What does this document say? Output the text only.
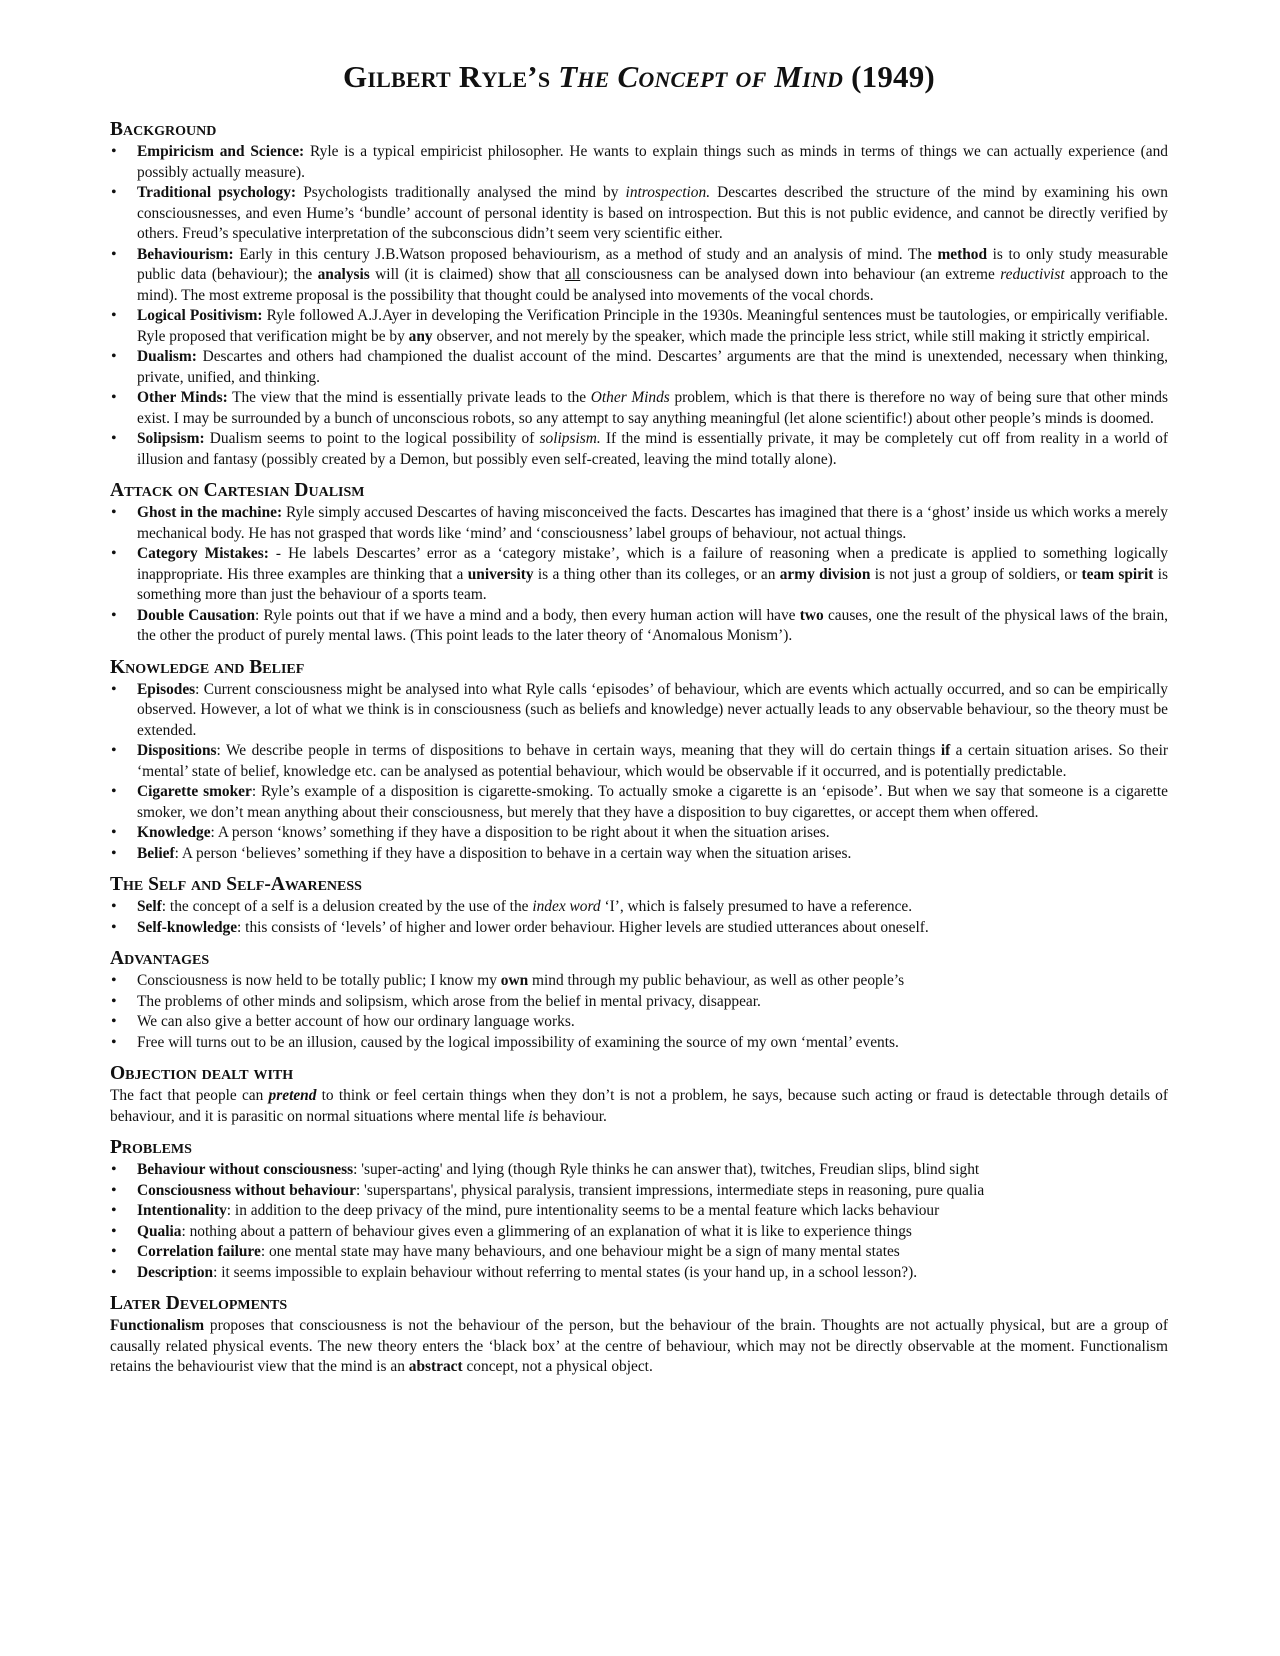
Gilbert Ryle’s The Concept of Mind (1949)
Background
• Empiricism and Science: Ryle is a typical empiricist philosopher. He wants to explain things such as minds in terms of things we can actually experience (and possibly actually measure).
• Traditional psychology: Psychologists traditionally analysed the mind by introspection. Descartes described the structure of the mind by examining his own consciousnesses, and even Hume’s ‘bundle’ account of personal identity is based on introspection. But this is not public evidence, and cannot be directly verified by others. Freud’s speculative interpretation of the subconscious didn’t seem very scientific either.
• Behaviourism: Early in this century J.B.Watson proposed behaviourism, as a method of study and an analysis of mind. The method is to only study measurable public data (behaviour); the analysis will (it is claimed) show that all consciousness can be analysed down into behaviour (an extreme reductivist approach to the mind). The most extreme proposal is the possibility that thought could be analysed into movements of the vocal chords.
• Logical Positivism: Ryle followed A.J.Ayer in developing the Verification Principle in the 1930s. Meaningful sentences must be tautologies, or empirically verifiable. Ryle proposed that verification might be by any observer, and not merely by the speaker, which made the principle less strict, while still making it strictly empirical.
• Dualism: Descartes and others had championed the dualist account of the mind. Descartes’ arguments are that the mind is unextended, necessary when thinking, private, unified, and thinking.
• Other Minds: The view that the mind is essentially private leads to the Other Minds problem, which is that there is therefore no way of being sure that other minds exist. I may be surrounded by a bunch of unconscious robots, so any attempt to say anything meaningful (let alone scientific!) about other people’s minds is doomed.
• Solipsism: Dualism seems to point to the logical possibility of solipsism. If the mind is essentially private, it may be completely cut off from reality in a world of illusion and fantasy (possibly created by a Demon, but possibly even self-created, leaving the mind totally alone).
Attack on Cartesian Dualism
• Ghost in the machine: Ryle simply accused Descartes of having misconceived the facts. Descartes has imagined that there is a ‘ghost’ inside us which works a merely mechanical body. He has not grasped that words like ‘mind’ and ‘consciousness’ label groups of behaviour, not actual things.
• Category Mistakes: - He labels Descartes’ error as a ‘category mistake’, which is a failure of reasoning when a predicate is applied to something logically inappropriate. His three examples are thinking that a university is a thing other than its colleges, or an army division is not just a group of soldiers, or team spirit is something more than just the behaviour of a sports team.
• Double Causation: Ryle points out that if we have a mind and a body, then every human action will have two causes, one the result of the physical laws of the brain, the other the product of purely mental laws. (This point leads to the later theory of ‘Anomalous Monism’).
Knowledge and Belief
• Episodes: Current consciousness might be analysed into what Ryle calls ‘episodes’ of behaviour, which are events which actually occurred, and so can be empirically observed. However, a lot of what we think is in consciousness (such as beliefs and knowledge) never actually leads to any observable behaviour, so the theory must be extended.
• Dispositions: We describe people in terms of dispositions to behave in certain ways, meaning that they will do certain things if a certain situation arises. So their ‘mental’ state of belief, knowledge etc. can be analysed as potential behaviour, which would be observable if it occurred, and is potentially predictable.
• Cigarette smoker: Ryle’s example of a disposition is cigarette-smoking. To actually smoke a cigarette is an ‘episode’. But when we say that someone is a cigarette smoker, we don’t mean anything about their consciousness, but merely that they have a disposition to buy cigarettes, or accept them when offered.
• Knowledge: A person ‘knows’ something if they have a disposition to be right about it when the situation arises.
• Belief: A person ‘believes’ something if they have a disposition to behave in a certain way when the situation arises.
The Self and Self-Awareness
• Self: the concept of a self is a delusion created by the use of the index word ‘I’, which is falsely presumed to have a reference.
• Self-knowledge: this consists of ‘levels’ of higher and lower order behaviour. Higher levels are studied utterances about oneself.
Advantages
• Consciousness is now held to be totally public; I know my own mind through my public behaviour, as well as other people’s
• The problems of other minds and solipsism, which arose from the belief in mental privacy, disappear.
• We can also give a better account of how our ordinary language works.
• Free will turns out to be an illusion, caused by the logical impossibility of examining the source of my own ‘mental’ events.
Objection dealt with

The fact that people can pretend to think or feel certain things when they don’t is not a problem, he says, because such acting or fraud is detectable through details of behaviour, and it is parasitic on normal situations where mental life is behaviour.

Problems
• Behaviour without consciousness: 'super-acting' and lying (though Ryle thinks he can answer that), twitches, Freudian slips, blind sight
• Consciousness without behaviour: 'superspartans', physical paralysis, transient impressions, intermediate steps in reasoning, pure qualia
• Intentionality: in addition to the deep privacy of the mind, pure intentionality seems to be a mental feature which lacks behaviour
• Qualia: nothing about a pattern of behaviour gives even a glimmering of an explanation of what it is like to experience things
• Correlation failure: one mental state may have many behaviours, and one behaviour might be a sign of many mental states
• Description: it seems impossible to explain behaviour without referring to mental states (is your hand up, in a school lesson?).
Later Developments

Functionalism proposes that consciousness is not the behaviour of the person, but the behaviour of the brain. Thoughts are not actually physical, but are a group of causally related physical events. The new theory enters the ‘black box’ at the centre of behaviour, which may not be directly observable at the moment. Functionalism retains the behaviourist view that the mind is an abstract concept, not a physical object.
